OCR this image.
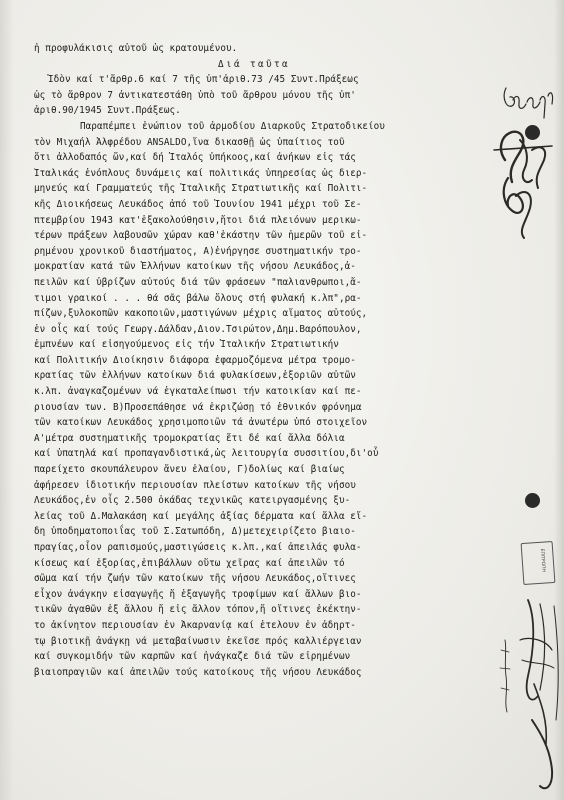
ἡ προφυλάκισις αὐτοῦ ὡς κρατουμένου.
Διά ταῦτα
Ἰδὸν καί τ'ἄρθρ.6 καί 7 τῆς ὑπ'ἀριθ.73 /45 Συντ.Πράξεως
ὡς τὸ ἄρθρον 7 ἀντικατεστάθη ὑπὸ τοῦ ἄρθρου μόνου τῆς ὑπ'
ἀριθ.90/1945 Συντ.Πράξεως.
Παραπέμπει ἐνώπιον τοῦ ἁρμοδίου Διαρκοῦς Στρατοδικείου
τὸν Μιχαήλ Ἀλφρέδου ANSALDO,ἵνα δικασθῇ ὡς ὑπαίτιος τοῦ
ὅτι ἀλλοδαπός ὤν,καί δή Ἰταλός ὑπήκοος,καί ἀνήκων εἰς τάς
Ἰταλικάς ἐνόπλους δυνάμεις καί πολιτικάς ὑπηρεσίας ὡς διερ-
μηνεύς καί Γραμματεύς τῆς Ἰταλικῆς Στρατιωτικῆς καί Πολιτι-
κῆς Διοικήσεως Λευκάδος ἀπό τοῦ Ἰουνίου 1941 μέχρι τοῦ Σε-
πτεμβρίου 1943 κατ'ἐξακολούθησιν,ἤτοι διά πλειόνων μερικω-
τέρων πράξεων λαβουσῶν χώραν καθ'ἑκάστην τῶν ἡμερῶν τοῦ εἰ-
ρημένου χρονικοῦ διαστήματος, Α)ἐνήργησε συστηματικήν τρο-
μοκρατίαν κατά τῶν Ἑλλήνων κατοίκων τῆς νήσου Λευκάδος,ἀ-
πειλῶν καί ὑβρίζων αὐτούς διά τῶν φράσεων "παλιανθρωποι,ἄ-
τιμοι γραικοί . . . θά σᾶς βάλω ὅλους στή φυλακή κ.λπ",ρα-
πίζων,ξυλοκοπῶν κακοποιῶν,μαστιγώνων μέχρις αἵματος αὐτούς,
ἐν οἷς καί τούς Γεωργ.Δάλδαν,Διον.Τσιρώτον,Δημ.Βαρόπουλον,
ἐμπνέων καί εἰσηγούμενος εἰς τήν Ἰταλικήν Στρατιωτικήν
καί Πολιτικήν Διοίκησιν διάφορα ἐφαρμοζόμενα μέτρα τρομο-
κρατίας τῶν ἑλλήνων κατοίκων διά φυλακίσεων,ἐξοριῶν αὐτῶν
κ.λπ. ἀναγκαζομένων νά ἐγκαταλείπωσι τήν κατοικίαν καί πε-
ριουσίαν των. Β)Προσεπάθησε νά ἐκριζώσῃ τό ἐθνικόν φρόνημα
τῶν κατοίκων Λευκάδος χρησιμοποιῶν τά ἀνωτέρω ὑπό στοιχεῖον
Α'μέτρα συστηματικῆς τρομοκρατίας ἔτι δέ καί ἄλλα δόλια
καί ὑπατηλά καί προπαγανδιστικά,ὡς λειτουργία συσσιτίου,δι'οὗ
παρείχετο σκουπάλευρον ἄνευ ἐλαίου, Γ)δολίως καί βιαίως
ἀφήρεσεν ἰδιοτικήν περιουσίαν πλείστων κατοίκων τῆς νήσου
Λευκάδος,ἐν οἷς 2.500 ὀκάδας τεχνικῶς κατειργασμένης ξυ-
λείας τοῦ Δ.Μαλακάση καί μεγάλης ἀξίας δέρματα καί ἄλλα εἴ-
δη ὑποδηματοποιΐας τοῦ Σ.Σατωπόδη, Δ)μετεχειρίζετο βιαιο-
πραγίας,οἷον ραπισμούς,μαστιγώσεις κ.λπ.,καί ἀπειλάς φυλα-
κίσεως καί ἐξορίας,ἐπιβάλλων οὕτω χεῖρας καί ἀπειλῶν τό
σῶμα καί τήν ζωήν τῶν κατοίκων τῆς νήσου Λευκάδος,οἵτινες
εἶχον ἀνάγκην εἰσαγωγῆς ἤ ἐξαγωγῆς τροφίμων καί ἄλλων βιο-
τικῶν ἀγαθῶν ἐξ ἄλλου ἤ εἰς ἄλλον τόπον,ἤ οἵτινες ἑκέκτην-
το ἀκίνητον περιουσίαν ἐν Ἀκαρνανίᾳ καί ἑτελουν ἐν ἀδηρτ-
τῳ βιοτικῇ ἀνάγκῃ νά μεταβαίνωσιν ἐκεῖσε πρός καλλιέργειαν
καί συγκομιδήν τῶν καρπῶν καί ἠνάγκαζε διά τῶν εἰρημένων
βιαιοπραγιῶν καί ἀπειλῶν τούς κατοίκους τῆς νήσου Λευκάδος
ΕΠΙΤΡΟΠΗ
